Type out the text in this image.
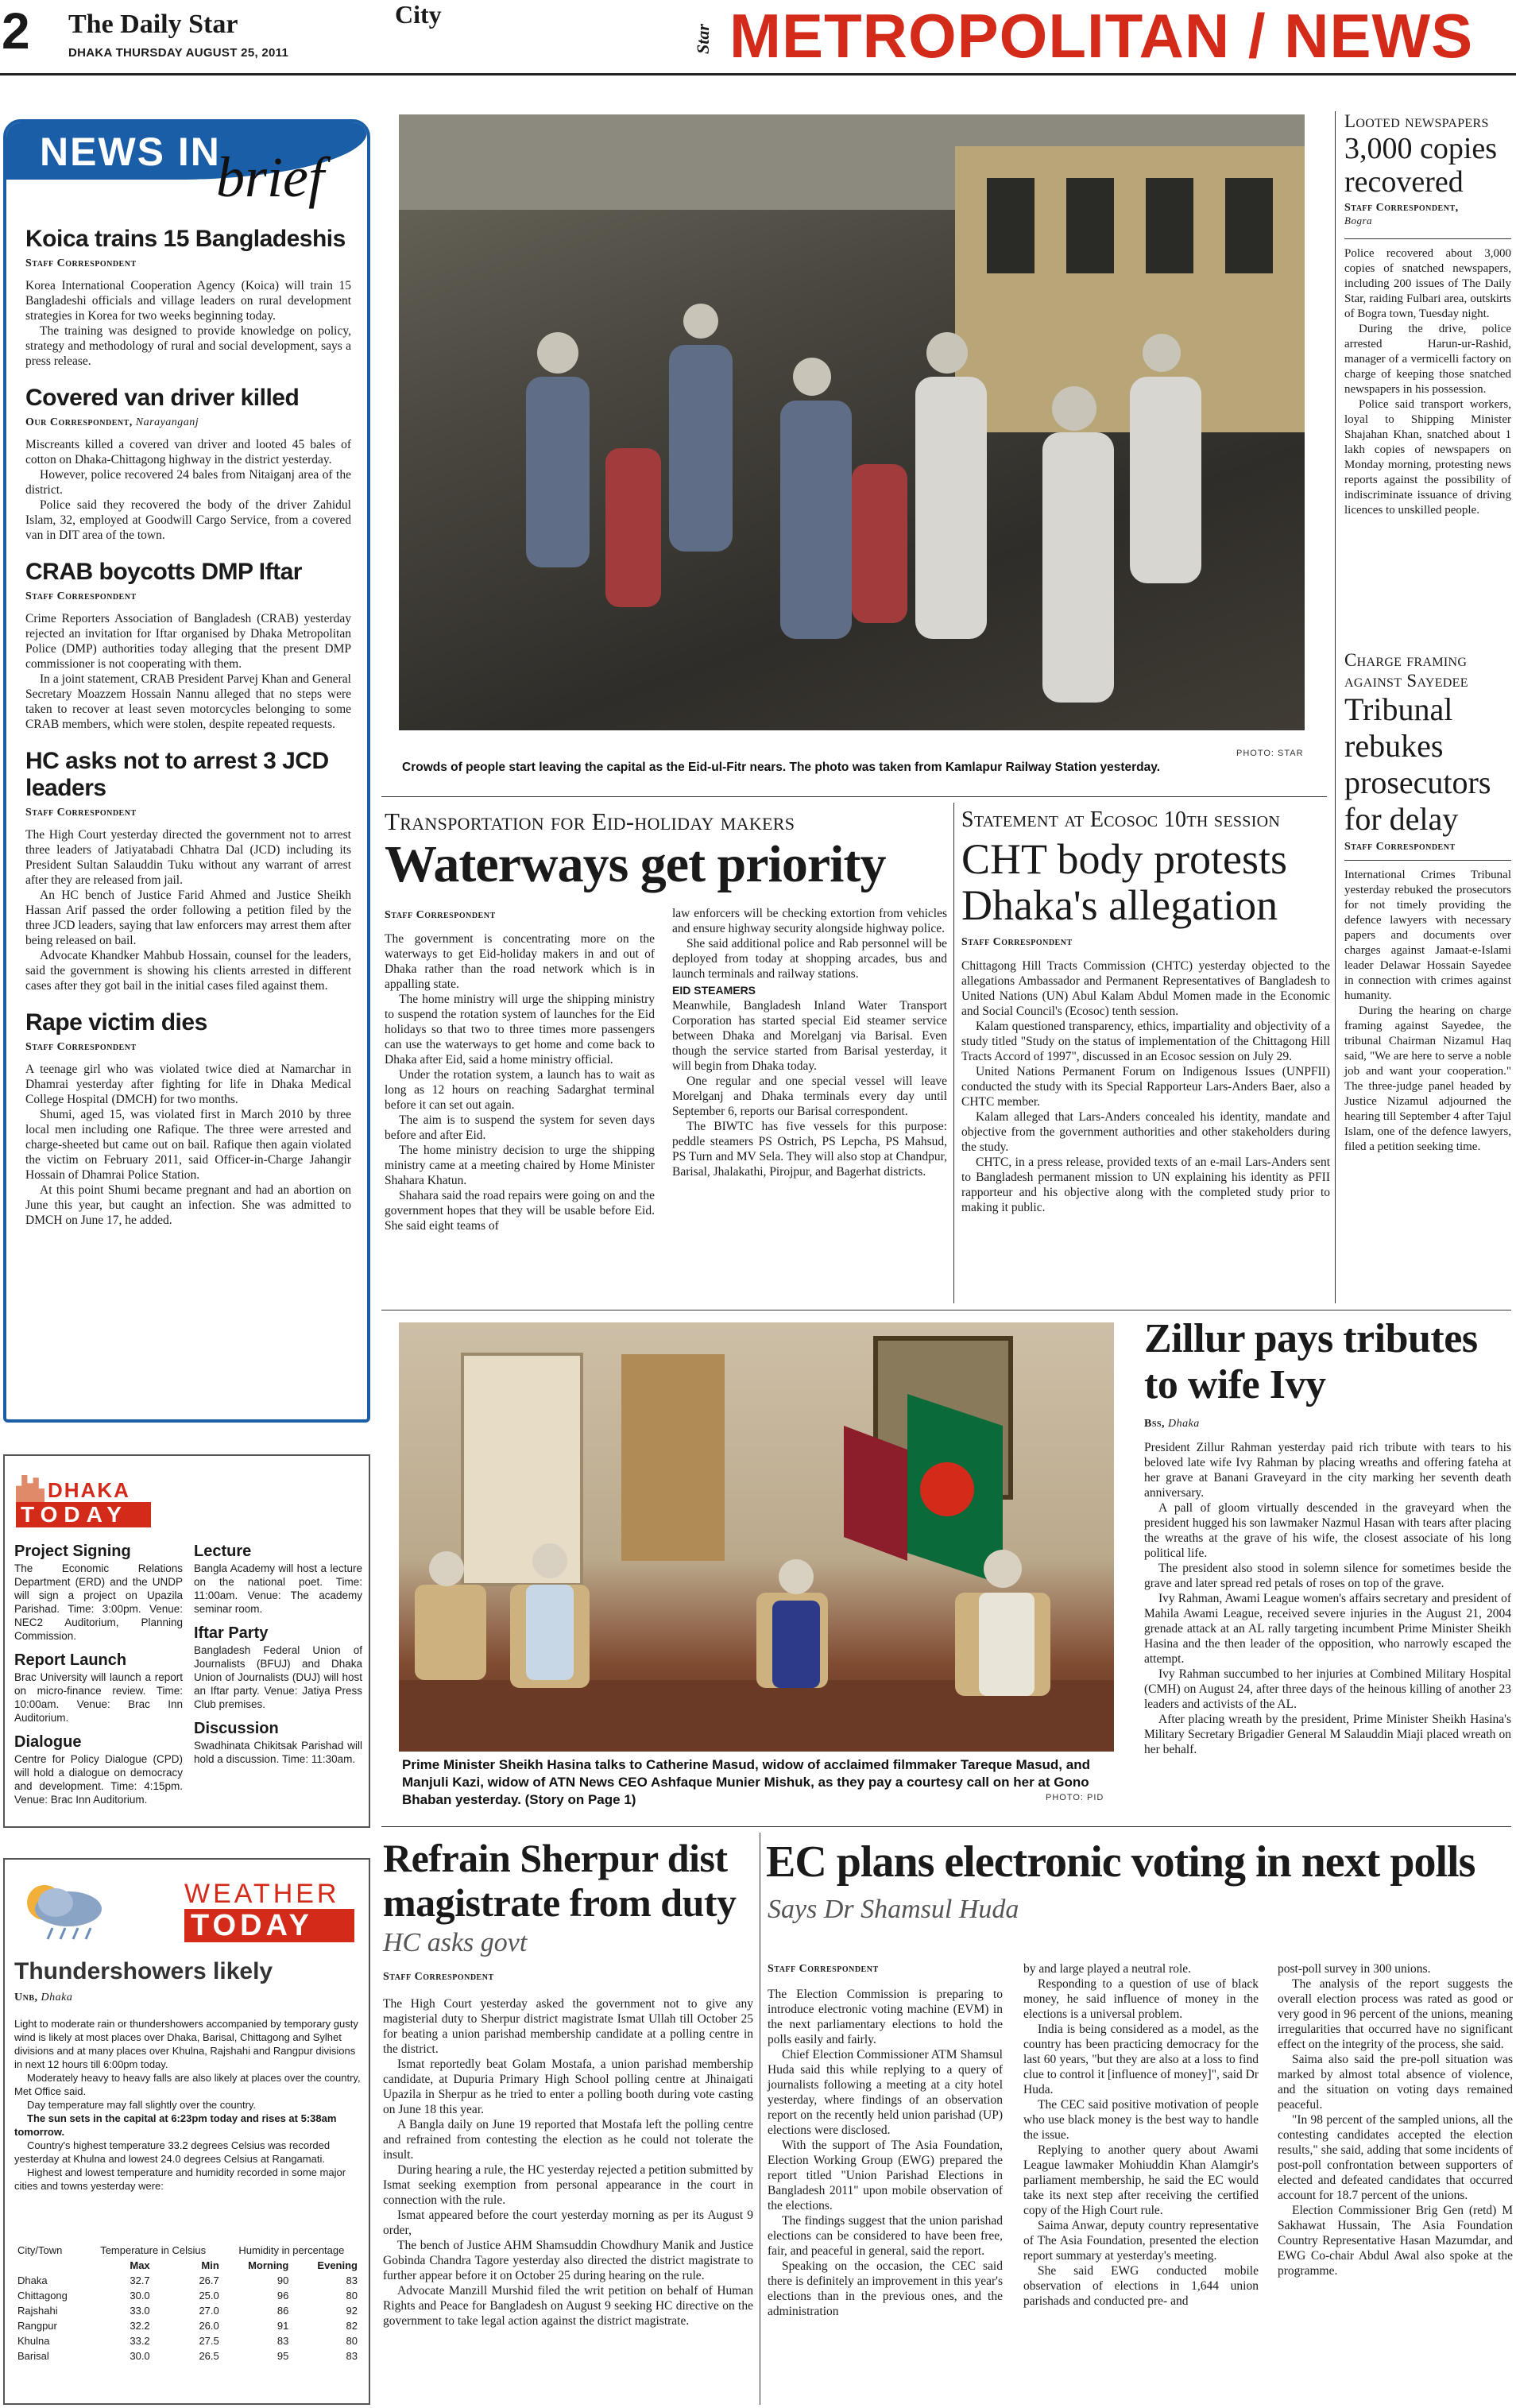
2 The Daily Star
DHAKA THURSDAY AUGUST 25, 2011
City
Star METROPOLITAN / NEWS
NEWS IN
brief
Koica trains 15 Bangladeshis
Staff Correspondent

Korea International Cooperation Agency (Koica) will train 15 Bangladeshi officials and village leaders on rural development strategies in Korea for two weeks beginning today.

The training was designed to provide knowledge on policy, strategy and methodology of rural and social development, says a press release.

Covered van driver killed
Our Correspondent, Narayanganj

Miscreants killed a covered van driver and looted 45 bales of cotton on Dhaka-Chittagong highway in the district yesterday.

However, police recovered 24 bales from Nitaiganj area of the district.

Police said they recovered the body of the driver Zahidul Islam, 32, employed at Goodwill Cargo Service, from a covered van in DIT area of the town.

CRAB boycotts DMP Iftar
Staff Correspondent

Crime Reporters Association of Bangladesh (CRAB) yesterday rejected an invitation for Iftar organised by Dhaka Metropolitan Police (DMP) authorities today alleging that the present DMP commissioner is not cooperating with them.

In a joint statement, CRAB President Parvej Khan and General Secretary Moazzem Hossain Nannu alleged that no steps were taken to recover at least seven motorcycles belonging to some CRAB members, which were stolen, despite repeated requests.

HC asks not to arrest 3 JCD leaders
Staff Correspondent

The High Court yesterday directed the government not to arrest three leaders of Jatiyatabadi Chhatra Dal (JCD) including its President Sultan Salauddin Tuku without any warrant of arrest after they are released from jail.

An HC bench of Justice Farid Ahmed and Justice Sheikh Hassan Arif passed the order following a petition filed by the three JCD leaders, saying that law enforcers may arrest them after being released on bail.

Advocate Khandker Mahbub Hossain, counsel for the leaders, said the government is showing his clients arrested in different cases after they got bail in the initial cases filed against them.

Rape victim dies
Staff Correspondent

A teenage girl who was violated twice died at Namarchar in Dhamrai yesterday after fighting for life in Dhaka Medical College Hospital (DMCH) for two months.

Shumi, aged 15, was violated first in March 2010 by three local men including one Rafique. The three were arrested and charge-sheeted but came out on bail. Rafique then again violated the victim on February 2011, said Officer-in-Charge Jahangir Hossain of Dhamrai Police Station.

At this point Shumi became pregnant and had an abortion on June this year, but caught an infection. She was admitted to DMCH on June 17, he added.

DHAKA
TODAY
Project Signing
The Economic Relations Department (ERD) and the UNDP will sign a project on Upazila Parishad. Time: 3:00pm. Venue: NEC2 Auditorium, Planning Commission.
Report Launch
Brac University will launch a report on micro-finance review. Time: 10:00am. Venue: Brac Inn Auditorium.
Dialogue
Centre for Policy Dialogue (CPD) will hold a dialogue on democracy and development. Time: 4:15pm. Venue: Brac Inn Auditorium.
Lecture
Bangla Academy will host a lecture on the national poet. Time: 11:00am. Venue: The academy seminar room.
Iftar Party
Bangladesh Federal Union of Journalists (BFUJ) and Dhaka Union of Journalists (DUJ) will host an Iftar party. Venue: Jatiya Press Club premises.
Discussion
Swadhinata Chikitsak Parishad will hold a discussion. Time: 11:30am.
WEATHER
TODAY
Thundershowers likely
Unb, Dhaka
Light to moderate rain or thundershowers accompanied by temporary gusty wind is likely at most places over Dhaka, Barisal, Chittagong and Sylhet divisions and at many places over Khulna, Rajshahi and Rangpur divisions in next 12 hours till 6:00pm today.
Moderately heavy to heavy falls are also likely at places over the country, Met Office said.
Day temperature may fall slightly over the country.
The sun sets in the capital at 6:23pm today and rises at 5:38am tomorrow.
Country's highest temperature 33.2 degrees Celsius was recorded yesterday at Khulna and lowest 24.0 degrees Celsius at Rangamati.
Highest and lowest temperature and humidity recorded in some major cities and towns yesterday were:
City/Town	Temperature in Celsius		Humidity in percentage	
	Max	Min	Morning	Evening
Dhaka	32.7	26.7	90	83
Chittagong	30.0	25.0	96	80
Rajshahi	33.0	27.0	86	92
Rangpur	32.2	26.0	91	82
Khulna	33.2	27.5	83	80
Barisal	30.0	26.5	95	83
PHOTO: STAR
Crowds of people start leaving the capital as the Eid-ul-Fitr nears. The photo was taken from Kamlapur Railway Station yesterday.
Transportation for Eid-holiday makers
Waterways get priority
Staff Correspondent

The government is concentrating more on the waterways to get Eid-holiday makers in and out of Dhaka rather than the road network which is in appalling state.

The home ministry will urge the shipping ministry to suspend the rotation system of launches for the Eid holidays so that two to three times more passengers can use the waterways to get home and come back to Dhaka after Eid, said a home ministry official.

Under the rotation system, a launch has to wait as long as 12 hours on reaching Sadarghat terminal before it can set out again.

The aim is to suspend the system for seven days before and after Eid.

The home ministry decision to urge the shipping ministry came at a meeting chaired by Home Minister Shahara Khatun.

Shahara said the road repairs were going on and the government hopes that they will be usable before Eid. She said eight teams of

law enforcers will be checking extortion from vehicles and ensure highway security alongside highway police.

She said additional police and Rab personnel will be deployed from today at shopping arcades, bus and launch terminals and railway stations.

EID STEAMERS

Meanwhile, Bangladesh Inland Water Transport Corporation has started special Eid steamer service between Dhaka and Morelganj via Barisal. Even though the service started from Barisal yesterday, it will begin from Dhaka today.

One regular and one special vessel will leave Morelganj and Dhaka terminals every day until September 6, reports our Barisal correspondent.

The BIWTC has five vessels for this purpose: peddle steamers PS Ostrich, PS Lepcha, PS Mahsud, PS Turn and MV Sela. They will also stop at Chandpur, Barisal, Jhalakathi, Pirojpur, and Bagerhat districts.

Statement at Ecosoc 10th session
CHT body protests Dhaka's allegation
Staff Correspondent

Chittagong Hill Tracts Commission (CHTC) yesterday objected to the allegations Ambassador and Permanent Representatives of Bangladesh to United Nations (UN) Abul Kalam Abdul Momen made in the Economic and Social Council's (Ecosoc) tenth session.

Kalam questioned transparency, ethics, impartiality and objectivity of a study titled "Study on the status of implementation of the Chittagong Hill Tracts Accord of 1997", discussed in an Ecosoc session on July 29.

United Nations Permanent Forum on Indigenous Issues (UNPFII) conducted the study with its Special Rapporteur Lars-Anders Baer, also a CHTC member.

Kalam alleged that Lars-Anders concealed his identity, mandate and objective from the government authorities and other stakeholders during the study.

CHTC, in a press release, provided texts of an e-mail Lars-Anders sent to Bangladesh permanent mission to UN explaining his identity as PFII rapporteur and his objective along with the completed study prior to making it public.

Looted newspapers
3,000 copies recovered
Staff Correspondent,
Bogra

Police recovered about 3,000 copies of snatched newspapers, including 200 issues of The Daily Star, raiding Fulbari area, outskirts of Bogra town, Tuesday night.

During the drive, police arrested Harun-ur-Rashid, manager of a vermicelli factory on charge of keeping those snatched newspapers in his possession.

Police said transport workers, loyal to Shipping Minister Shajahan Khan, snatched about 1 lakh copies of newspapers on Monday morning, protesting news reports against the possibility of indiscriminate issuance of driving licences to unskilled people.

Charge framing against Sayedee
Tribunal rebukes prosecutors for delay
Staff Correspondent

International Crimes Tribunal yesterday rebuked the prosecutors for not timely providing the defence lawyers with necessary papers and documents over charges against Jamaat-e-Islami leader Delawar Hossain Sayedee in connection with crimes against humanity.

During the hearing on charge framing against Sayedee, the tribunal Chairman Nizamul Haq said, "We are here to serve a noble job and want your cooperation." The three-judge panel headed by Justice Nizamul adjourned the hearing till September 4 after Tajul Islam, one of the defence lawyers, filed a petition seeking time.

Prime Minister Sheikh Hasina talks to Catherine Masud, widow of acclaimed filmmaker Tareque Masud, and Manjuli Kazi, widow of ATN News CEO Ashfaque Munier Mishuk, as they pay a courtesy call on her at Gono Bhaban yesterday. (Story on Page 1)	PHOTO: PID
Zillur pays tributes to wife Ivy
Bss, Dhaka

President Zillur Rahman yesterday paid rich tribute with tears to his beloved late wife Ivy Rahman by placing wreaths and offering fateha at her grave at Banani Graveyard in the city marking her seventh death anniversary.

A pall of gloom virtually descended in the graveyard when the president hugged his son lawmaker Nazmul Hasan with tears after placing the wreaths at the grave of his wife, the closest associate of his long political life.

The president also stood in solemn silence for sometimes beside the grave and later spread red petals of roses on top of the grave.

Ivy Rahman, Awami League women's affairs secretary and president of Mahila Awami League, received severe injuries in the August 21, 2004 grenade attack at an AL rally targeting incumbent Prime Minister Sheikh Hasina and the then leader of the opposition, who narrowly escaped the attempt.

Ivy Rahman succumbed to her injuries at Combined Military Hospital (CMH) on August 24, after three days of the heinous killing of another 23 leaders and activists of the AL.

After placing wreath by the president, Prime Minister Sheikh Hasina's Military Secretary Brigadier General M Salauddin Miaji placed wreath on her behalf.

Refrain Sherpur dist magistrate from duty
HC asks govt
Staff Correspondent

The High Court yesterday asked the government not to give any magisterial duty to Sherpur district magistrate Ismat Ullah till October 25 for beating a union parishad membership candidate at a polling centre in the district.

Ismat reportedly beat Golam Mostafa, a union parishad membership candidate, at Dupuria Primary High School polling centre at Jhinaigati Upazila in Sherpur as he tried to enter a polling booth during vote casting on June 18 this year.

A Bangla daily on June 19 reported that Mostafa left the polling centre and refrained from contesting the election as he could not tolerate the insult.

During hearing a rule, the HC yesterday rejected a petition submitted by Ismat seeking exemption from personal appearance in the court in connection with the rule.

Ismat appeared before the court yesterday morning as per its August 9 order,

The bench of Justice AHM Shamsuddin Chowdhury Manik and Justice Gobinda Chandra Tagore yesterday also directed the district magistrate to further appear before it on October 25 during hearing on the rule.

Advocate Manzill Murshid filed the writ petition on behalf of Human Rights and Peace for Bangladesh on August 9 seeking HC directive on the government to take legal action against the district magistrate.

EC plans electronic voting in next polls
Says Dr Shamsul Huda
Staff Correspondent

The Election Commission is preparing to introduce electronic voting machine (EVM) in the next parliamentary elections to hold the polls easily and fairly.

Chief Election Commissioner ATM Shamsul Huda said this while replying to a query of journalists following a meeting at a city hotel yesterday, where findings of an observation report on the recently held union parishad (UP) elections were disclosed.

With the support of The Asia Foundation, Election Working Group (EWG) prepared the report titled "Union Parishad Elections in Bangladesh 2011" upon mobile observation of the elections.

The findings suggest that the union parishad elections can be considered to have been free, fair, and peaceful in general, said the report.

Speaking on the occasion, the CEC said there is definitely an improvement in this year's elections than in the previous ones, and the administration

by and large played a neutral role.

Responding to a question of use of black money, he said influence of money in the elections is a universal problem.

India is being considered as a model, as the country has been practicing democracy for the last 60 years, "but they are also at a loss to find clue to control it [influence of money]", said Dr Huda.

The CEC said positive motivation of people who use black money is the best way to handle the issue.

Replying to another query about Awami League lawmaker Mohiuddin Khan Alamgir's parliament membership, he said the EC would take its next step after receiving the certified copy of the High Court rule.

Saima Anwar, deputy country representative of The Asia Foundation, presented the election report summary at yesterday's meeting.

She said EWG conducted mobile observation of elections in 1,644 union parishads and conducted pre- and

post-poll survey in 300 unions.

The analysis of the report suggests the overall election process was rated as good or very good in 96 percent of the unions, meaning irregularities that occurred have no significant effect on the integrity of the process, she said.

Saima also said the pre-poll situation was marked by almost total absence of violence, and the situation on voting days remained peaceful.

"In 98 percent of the sampled unions, all the contesting candidates accepted the election results," she said, adding that some incidents of post-poll confrontation between supporters of elected and defeated candidates that occurred account for 18.7 percent of the unions.

Election Commissioner Brig Gen (retd) M Sakhawat Hussain, The Asia Foundation Country Representative Hasan Mazumdar, and EWG Co-chair Abdul Awal also spoke at the programme.
